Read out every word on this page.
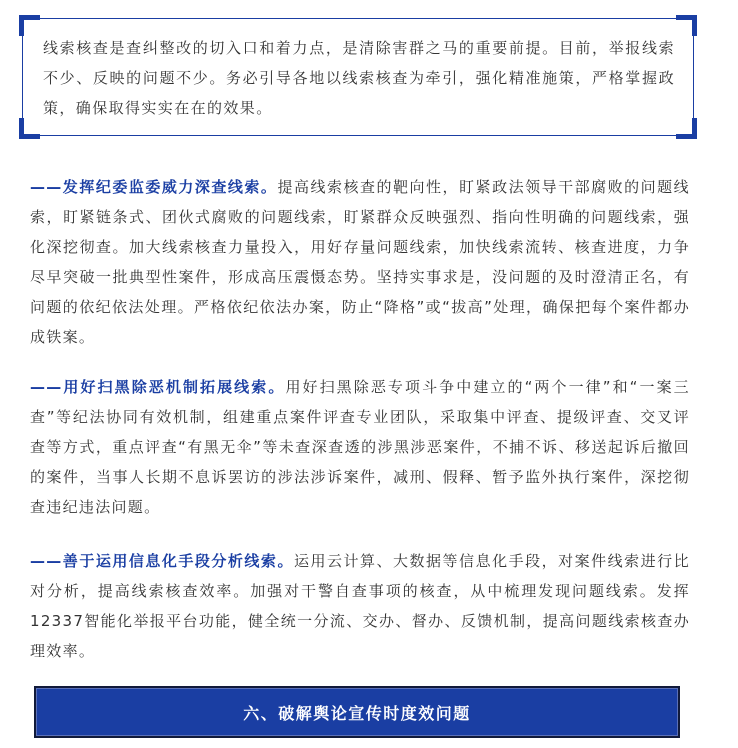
线索核查是查纠整改的切入口和着力点，是清除害群之马的重要前提。目前，举报线索不少、反映的问题不少。务必引导各地以线索核查为牵引，强化精准施策，严格掌握政策，确保取得实实在在的效果。

——发挥纪委监委威力深查线索。提高线索核查的靶向性，盯紧政法领导干部腐败的问题线索，盯紧链条式、团伙式腐败的问题线索，盯紧群众反映强烈、指向性明确的问题线索，强化深挖彻查。加大线索核查力量投入，用好存量问题线索，加快线索流转、核查进度，力争尽早突破一批典型性案件，形成高压震慑态势。坚持实事求是，没问题的及时澄清正名，有问题的依纪依法处理。严格依纪依法办案，防止“降格”或“拔高”处理，确保把每个案件都办成铁案。

——用好扫黑除恶机制拓展线索。用好扫黑除恶专项斗争中建立的“两个一律”和“一案三查”等纪法协同有效机制，组建重点案件评查专业团队，采取集中评查、提级评查、交叉评查等方式，重点评查“有黑无伞”等未查深查透的涉黑涉恶案件，不捕不诉、移送起诉后撤回的案件，当事人长期不息诉罢访的涉法涉诉案件，减刑、假释、暂予监外执行案件，深挖彻查违纪违法问题。

——善于运用信息化手段分析线索。运用云计算、大数据等信息化手段，对案件线索进行比对分析，提高线索核查效率。加强对干警自查事项的核查，从中梳理发现问题线索。发挥12337智能化举报平台功能，健全统一分流、交办、督办、反馈机制，提高问题线索核查办理效率。

六、破解舆论宣传时度效问题
